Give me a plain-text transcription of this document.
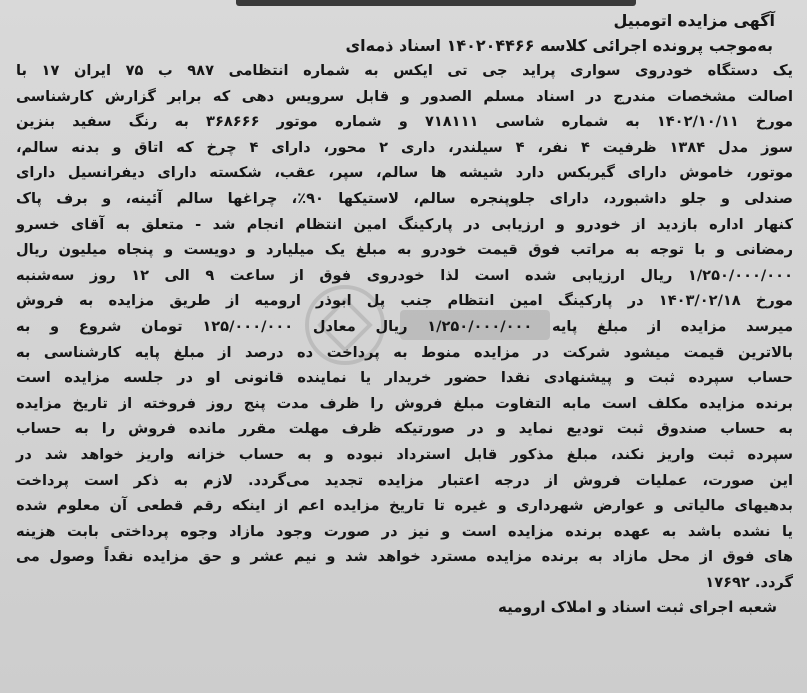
آگهی مزایده اتومبیل
به‌موجب پرونده اجرائی کلاسه ۱۴۰۲۰۴۴۶۶ اسناد ذمه‌ای
یک دستگاه خودروی سواری پراید جی تی ایکس به شماره انتظامی ۹۸۷ ب ۷۵ ایران ۱۷ با
اصالت مشخصات مندرج در اسناد مسلم الصدور و قابل سرویس دهی که برابر گزارش کارشناسی
مورخ ۱۴۰۲/۱۰/۱۱ به شماره شاسی ۷۱۸۱۱۱ و شماره موتور ۳۶۸۶۶۶ به رنگ سفید بنزین
سوز مدل ۱۳۸۴ ظرفیت ۴ نفر، ۴ سیلندر، داری ۲ محور، دارای ۴ چرخ که اتاق و بدنه سالم،
موتور، خاموش دارای گیربکس دارد شیشه ها سالم، سپر، عقب، شکسته دارای دیفرانسیل دارای
صندلی و جلو داشبورد، دارای جلوپنجره سالم، لاستیکها ۹۰٪، چراغها سالم آئینه، و برف پاک
کنهار اداره بازدید از خودرو و ارزیابی در پارکینگ امین انتظام انجام شد - متعلق به آقای خسرو
رمضانی و با توجه به مراتب فوق قیمت خودرو به مبلغ یک میلیارد و دویست و پنجاه میلیون ریال
۱/۲۵۰/۰۰۰/۰۰۰ ریال ارزیابی شده است لذا خودروی فوق از ساعت ۹ الی ۱۲ روز سه‌شنبه
مورخ ۱۴۰۳/۰۲/۱۸ در پارکینگ امین انتظام جنب پل ابوذر ارومیه از طریق مزایده به فروش
میرسد مزایده از مبلغ پایه ۱/۲۵۰/۰۰۰/۰۰۰ ریال معادل ۱۲۵/۰۰۰/۰۰۰ تومان شروع و به
بالاترین قیمت میشود شرکت در مزایده منوط به پرداخت ده درصد از مبلغ پایه کارشناسی به
حساب سپرده ثبت و پیشنهادی نقدا حضور خریدار یا نماینده قانونی او در جلسه مزایده است
برنده مزایده مکلف است مابه التفاوت مبلغ فروش را ظرف مدت پنج روز فروخته از تاریخ مزایده
به حساب صندوق ثبت تودیع نماید و در صورتیکه ظرف مهلت مقرر مانده فروش را به حساب
سپرده ثبت واریز نکند، مبلغ مذکور قابل استرداد نبوده و به حساب خزانه واریز خواهد شد در
این صورت، عملیات فروش از درجه اعتبار مزایده تجدید می‌گردد. لازم به ذکر است پرداخت
بدهیهای مالیاتی و عوارض شهرداری و غیره تا تاریخ مزایده اعم از اینکه رقم قطعی آن معلوم شده
یا نشده باشد به عهده برنده مزایده است و نیز در صورت وجود مازاد وجوه پرداختی بابت هزینه
های فوق از محل مازاد به برنده مزایده مسترد خواهد شد و نیم عشر و حق مزایده نقداً وصول می
گردد. ۱۷۶۹۲
شعبه اجرای ثبت اسناد و املاک ارومیه
